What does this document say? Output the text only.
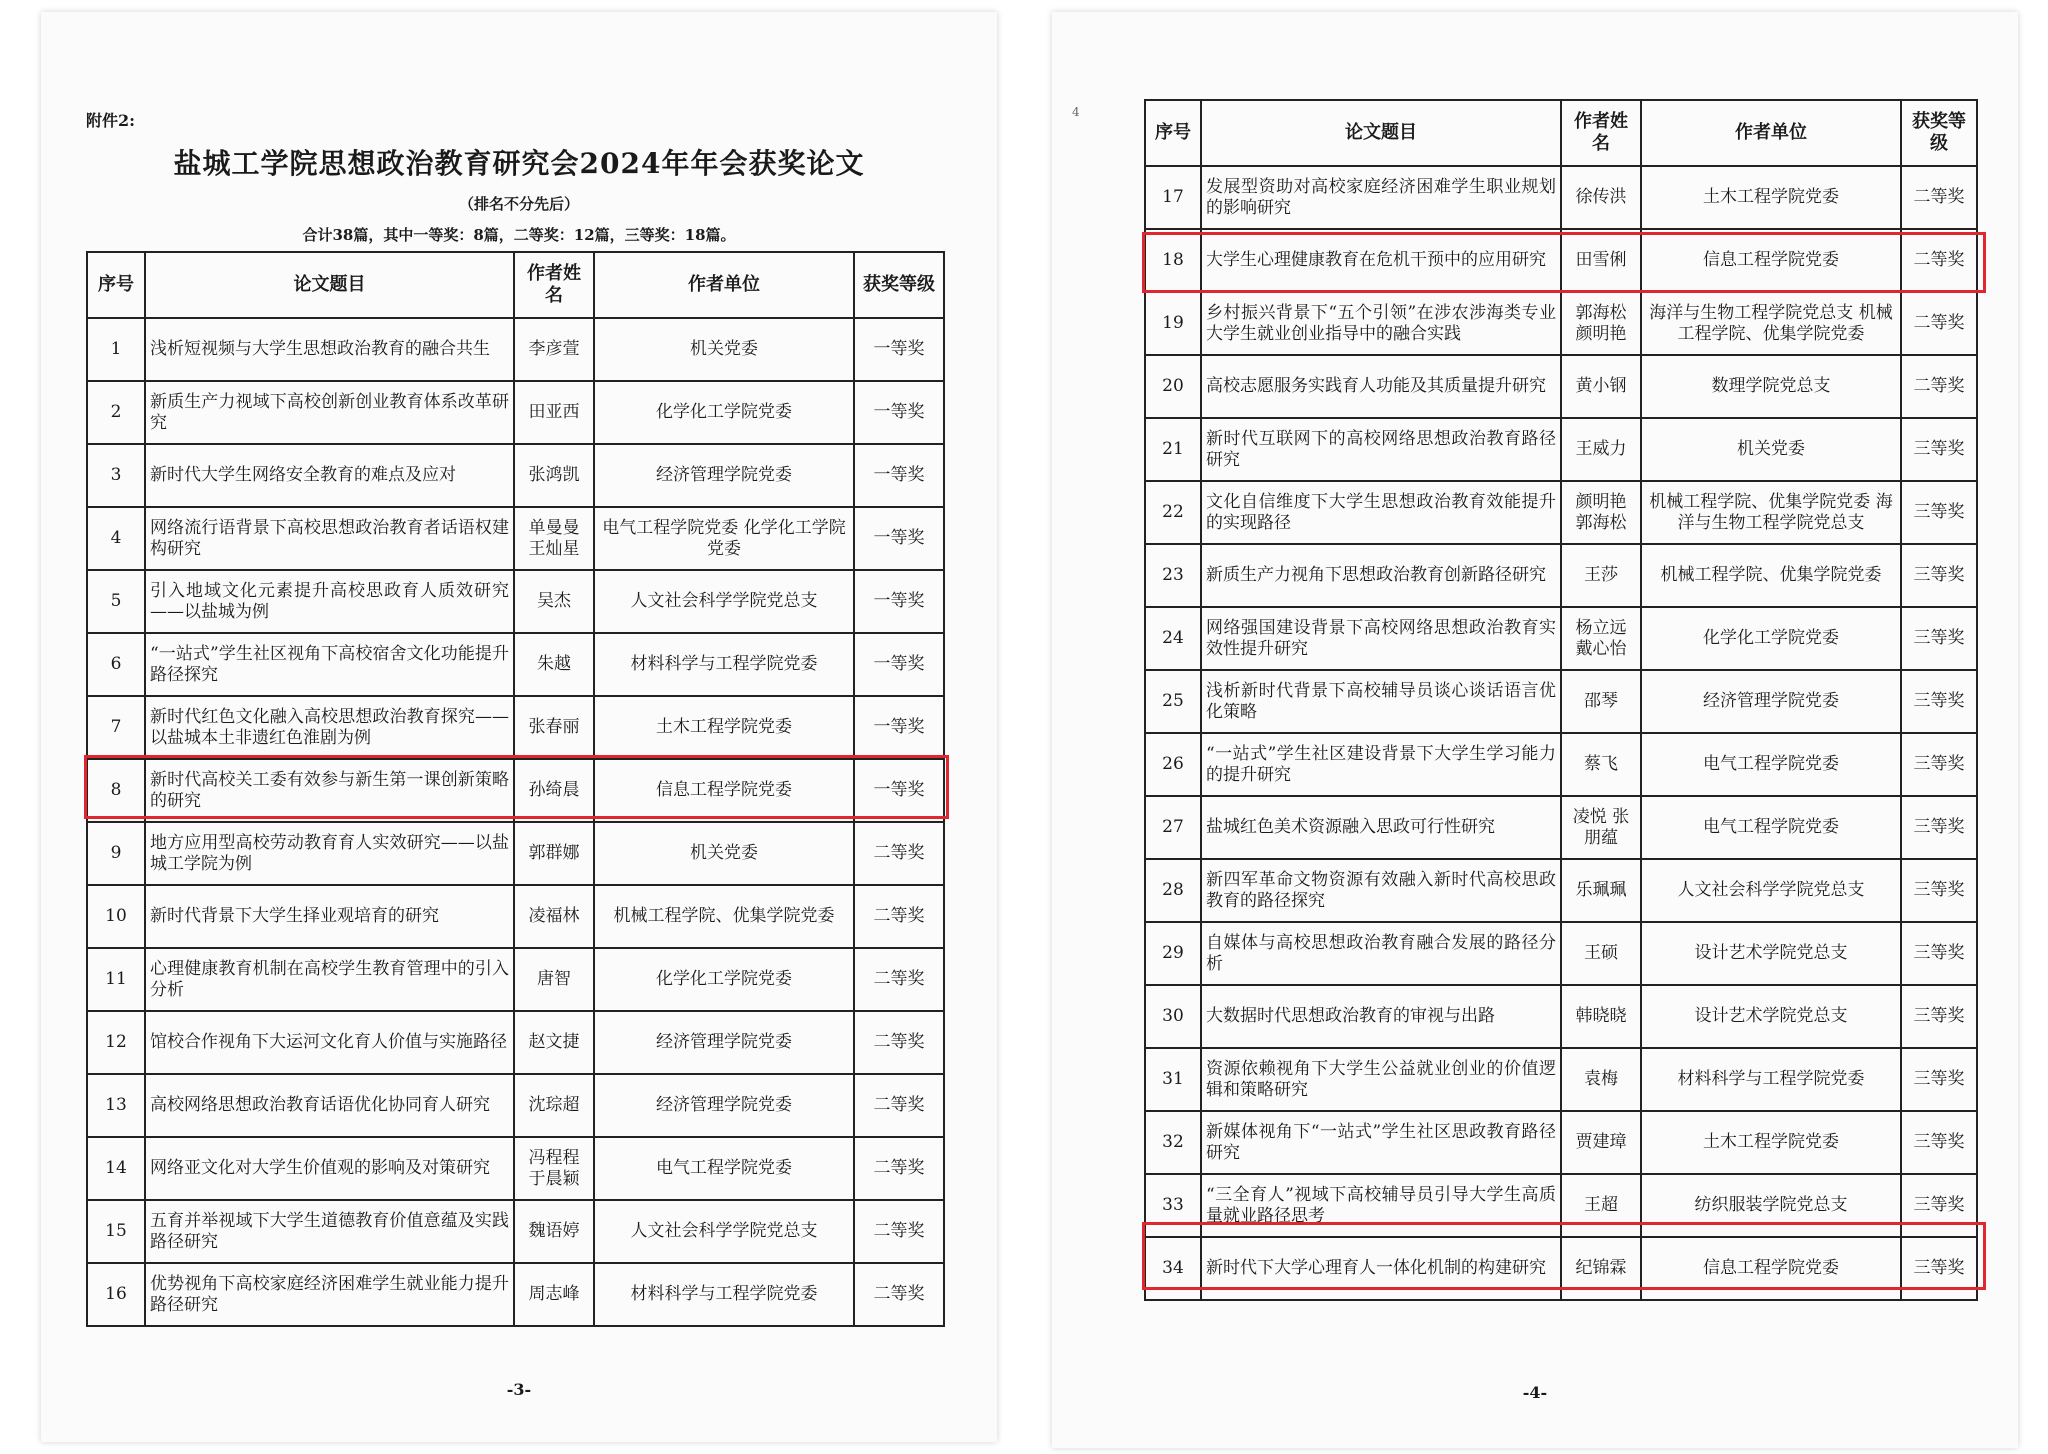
附件2:
盐城工学院思想政治教育研究会2024年年会获奖论文
（排名不分先后）
合计38篇，其中一等奖：8篇，二等奖：12篇，三等奖：18篇。
序号	论文题目	作者姓名	作者单位	获奖等级
1	浅析短视频与大学生思想政治教育的融合共生	李彦萱	机关党委	一等奖
2	新质生产力视域下高校创新创业教育体系改革研究	田亚西	化学化工学院党委	一等奖
3	新时代大学生网络安全教育的难点及应对	张鸿凯	经济管理学院党委	一等奖
4	网络流行语背景下高校思想政治教育者话语权建构研究	单曼曼 王灿星	电气工程学院党委 化学化工学院党委	一等奖
5	引入地域文化元素提升高校思政育人质效研究——以盐城为例	吴杰	人文社会科学学院党总支	一等奖
6	“一站式”学生社区视角下高校宿舍文化功能提升路径探究	朱越	材料科学与工程学院党委	一等奖
7	新时代红色文化融入高校思想政治教育探究——以盐城本土非遗红色淮剧为例	张春丽	土木工程学院党委	一等奖
8	新时代高校关工委有效参与新生第一课创新策略的研究	孙绮晨	信息工程学院党委	一等奖
9	地方应用型高校劳动教育育人实效研究——以盐城工学院为例	郭群娜	机关党委	二等奖
10	新时代背景下大学生择业观培育的研究	凌福林	机械工程学院、优集学院党委	二等奖
11	心理健康教育机制在高校学生教育管理中的引入分析	唐智	化学化工学院党委	二等奖
12	馆校合作视角下大运河文化育人价值与实施路径	赵文捷	经济管理学院党委	二等奖
13	高校网络思想政治教育话语优化协同育人研究	沈琮超	经济管理学院党委	二等奖
14	网络亚文化对大学生价值观的影响及对策研究	冯程程 于晨颖	电气工程学院党委	二等奖
15	五育并举视域下大学生道德教育价值意蕴及实践路径研究	魏语婷	人文社会科学学院党总支	二等奖
16	优势视角下高校家庭经济困难学生就业能力提升路径研究	周志峰	材料科学与工程学院党委	二等奖
-3-
4
序号	论文题目	作者姓名	作者单位	获奖等级
17	发展型资助对高校家庭经济困难学生职业规划的影响研究	徐传洪	土木工程学院党委	二等奖
18	大学生心理健康教育在危机干预中的应用研究	田雪俐	信息工程学院党委	二等奖
19	乡村振兴背景下“五个引领”在涉农涉海类专业大学生就业创业指导中的融合实践	郭海松 颜明艳	海洋与生物工程学院党总支 机械工程学院、优集学院党委	二等奖
20	高校志愿服务实践育人功能及其质量提升研究	黄小钢	数理学院党总支	二等奖
21	新时代互联网下的高校网络思想政治教育路径研究	王威力	机关党委	三等奖
22	文化自信维度下大学生思想政治教育效能提升的实现路径	颜明艳 郭海松	机械工程学院、优集学院党委 海洋与生物工程学院党总支	三等奖
23	新质生产力视角下思想政治教育创新路径研究	王莎	机械工程学院、优集学院党委	三等奖
24	网络强国建设背景下高校网络思想政治教育实效性提升研究	杨立远 戴心怡	化学化工学院党委	三等奖
25	浅析新时代背景下高校辅导员谈心谈话语言优化策略	邵琴	经济管理学院党委	三等奖
26	“一站式”学生社区建设背景下大学生学习能力的提升研究	蔡飞	电气工程学院党委	三等奖
27	盐城红色美术资源融入思政可行性研究	凌悦 张朋蕴	电气工程学院党委	三等奖
28	新四军革命文物资源有效融入新时代高校思政教育的路径探究	乐珮珮	人文社会科学学院党总支	三等奖
29	自媒体与高校思想政治教育融合发展的路径分析	王硕	设计艺术学院党总支	三等奖
30	大数据时代思想政治教育的审视与出路	韩晓晓	设计艺术学院党总支	三等奖
31	资源依赖视角下大学生公益就业创业的价值逻辑和策略研究	袁梅	材料科学与工程学院党委	三等奖
32	新媒体视角下“一站式”学生社区思政教育路径研究	贾建璋	土木工程学院党委	三等奖
33	“三全育人”视域下高校辅导员引导大学生高质量就业路径思考	王超	纺织服装学院党总支	三等奖
34	新时代下大学心理育人一体化机制的构建研究	纪锦霖	信息工程学院党委	三等奖
-4-
